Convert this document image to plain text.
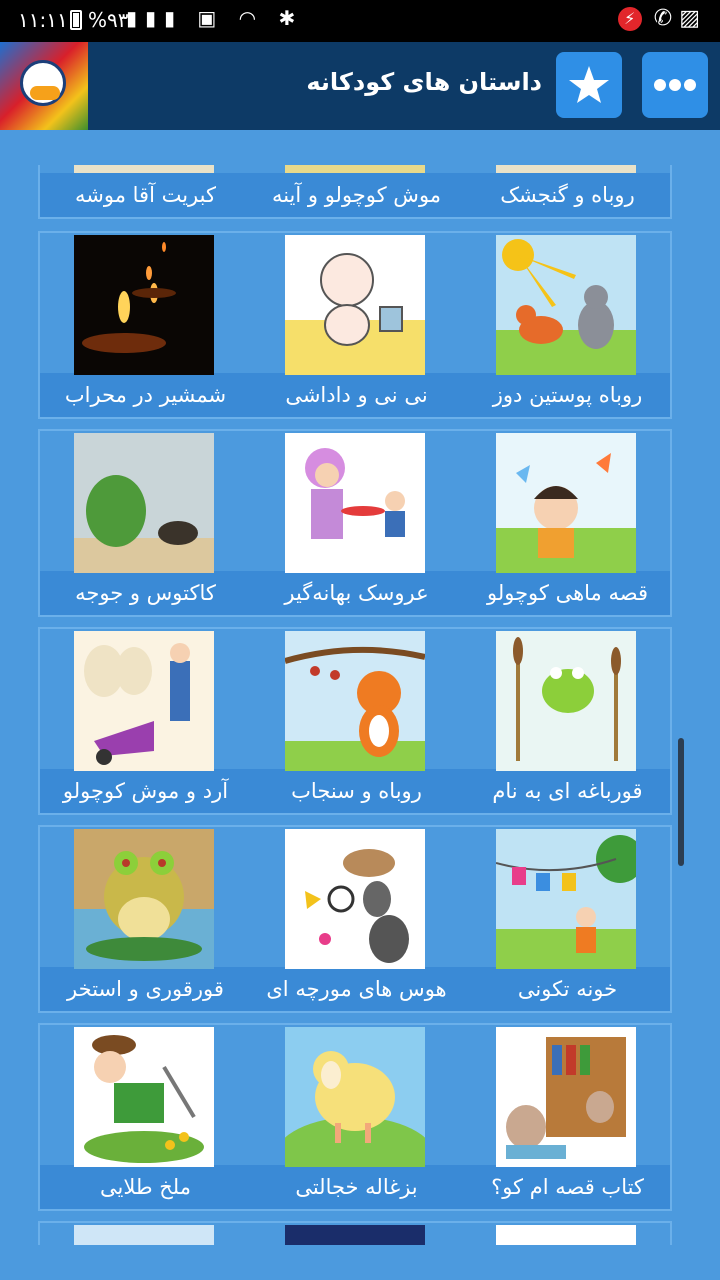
۱۱:۱۱ %۹۳
▮▮▮ ▣ ◠ ✱	⚡ ✆ ▨
داستان های کودکانه
روباه و گنجشک
موش کوچولو و آینه
کبریت آقا موشه
روباه پوستین دوز
نی نی و داداشی
شمشیر در محراب
قصه ماهی کوچولو
عروسک بهانه‌گیر
کاکتوس و جوجه
قورباغه ای به نام
روباه و سنجاب
آرد و موش کوچولو
خونه تکونی
هوس های مورچه ای
قورقوری و استخر
کتاب قصه ام کو؟
بزغاله خجالتی
ملخ طلایی
